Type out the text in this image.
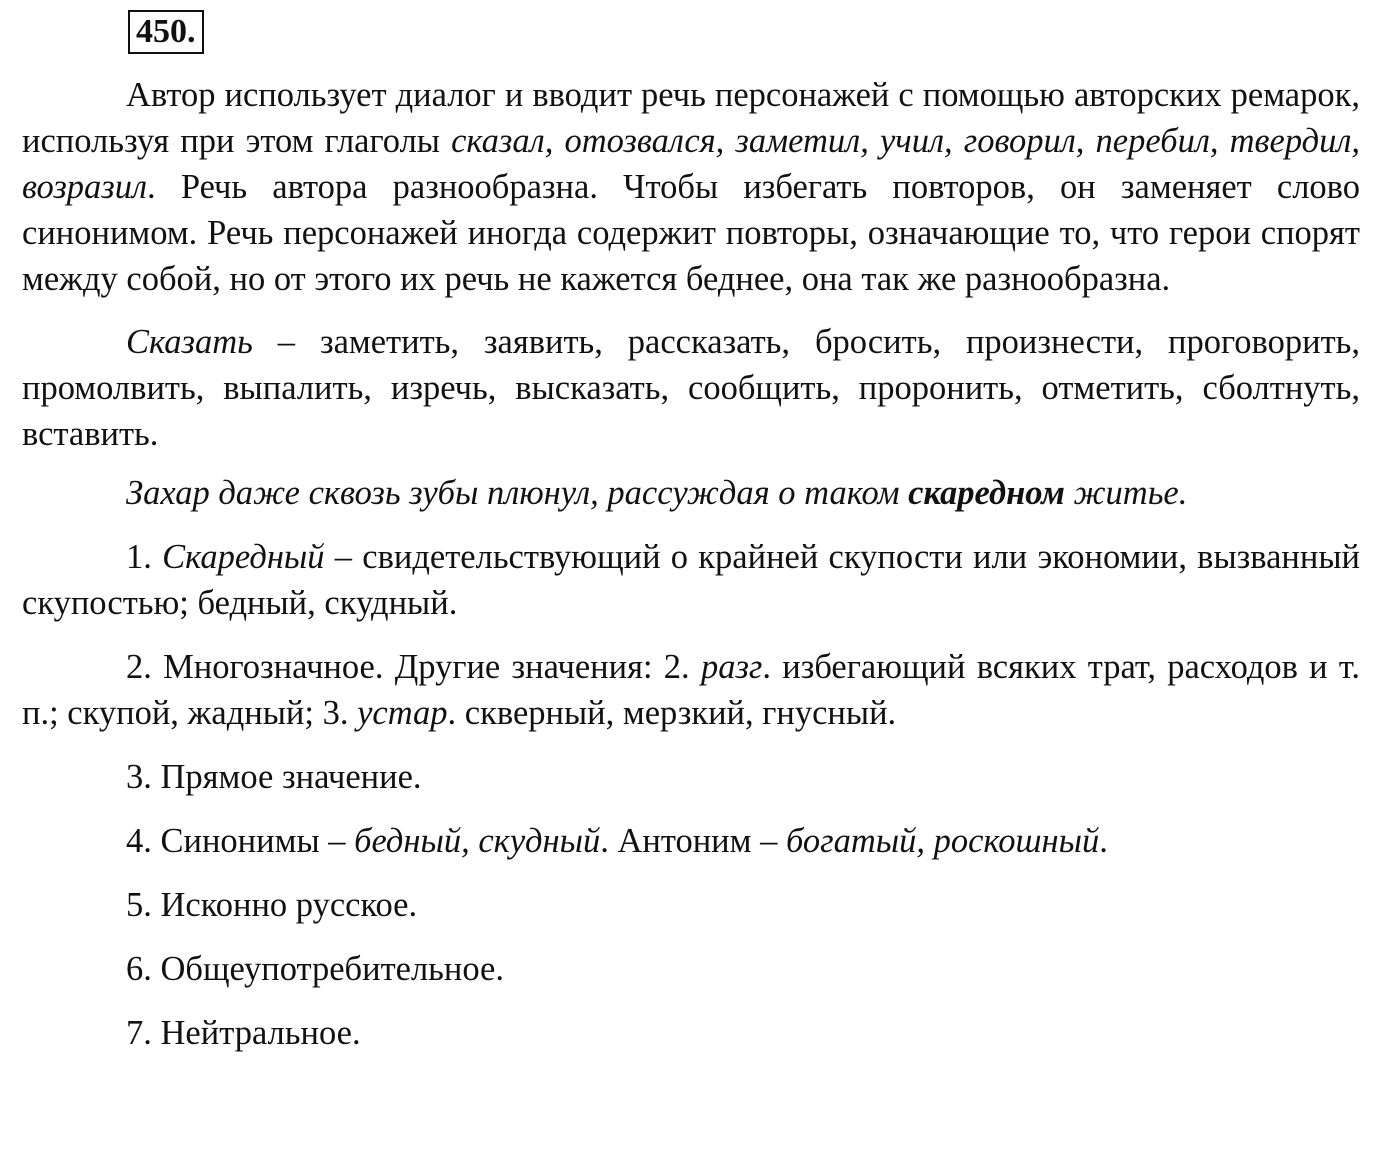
450.

Автор использует диалог и вводит речь персонажей с помощью авторских ремарок, используя при этом глаголы сказал, отозвался, заметил, учил, говорил, перебил, твердил, возразил. Речь автора разнообразна. Чтобы избегать повторов, он заменяет слово синонимом. Речь персонажей иногда содержит повторы, означающие то, что герои спорят между собой, но от этого их речь не кажется беднее, она так же разнообразна.

Сказать – заметить, заявить, рассказать, бросить, произнести, проговорить, промолвить, выпалить, изречь, высказать, сообщить, проронить, отметить, сболтнуть, вставить.

Захар даже сквозь зубы плюнул, рассуждая о таком скаредном житье.

1. Скаредный – свидетельствующий о крайней скупости или экономии, вызванный скупостью; бедный, скудный.

2. Многозначное. Другие значения: 2. разг. избегающий всяких трат, расходов и т. п.; скупой, жадный; 3. устар. скверный, мерзкий, гнусный.

3. Прямое значение.

4. Синонимы – бедный, скудный. Антоним – богатый, роскошный.

5. Исконно русское.

6. Общеупотребительное.

7. Нейтральное.
